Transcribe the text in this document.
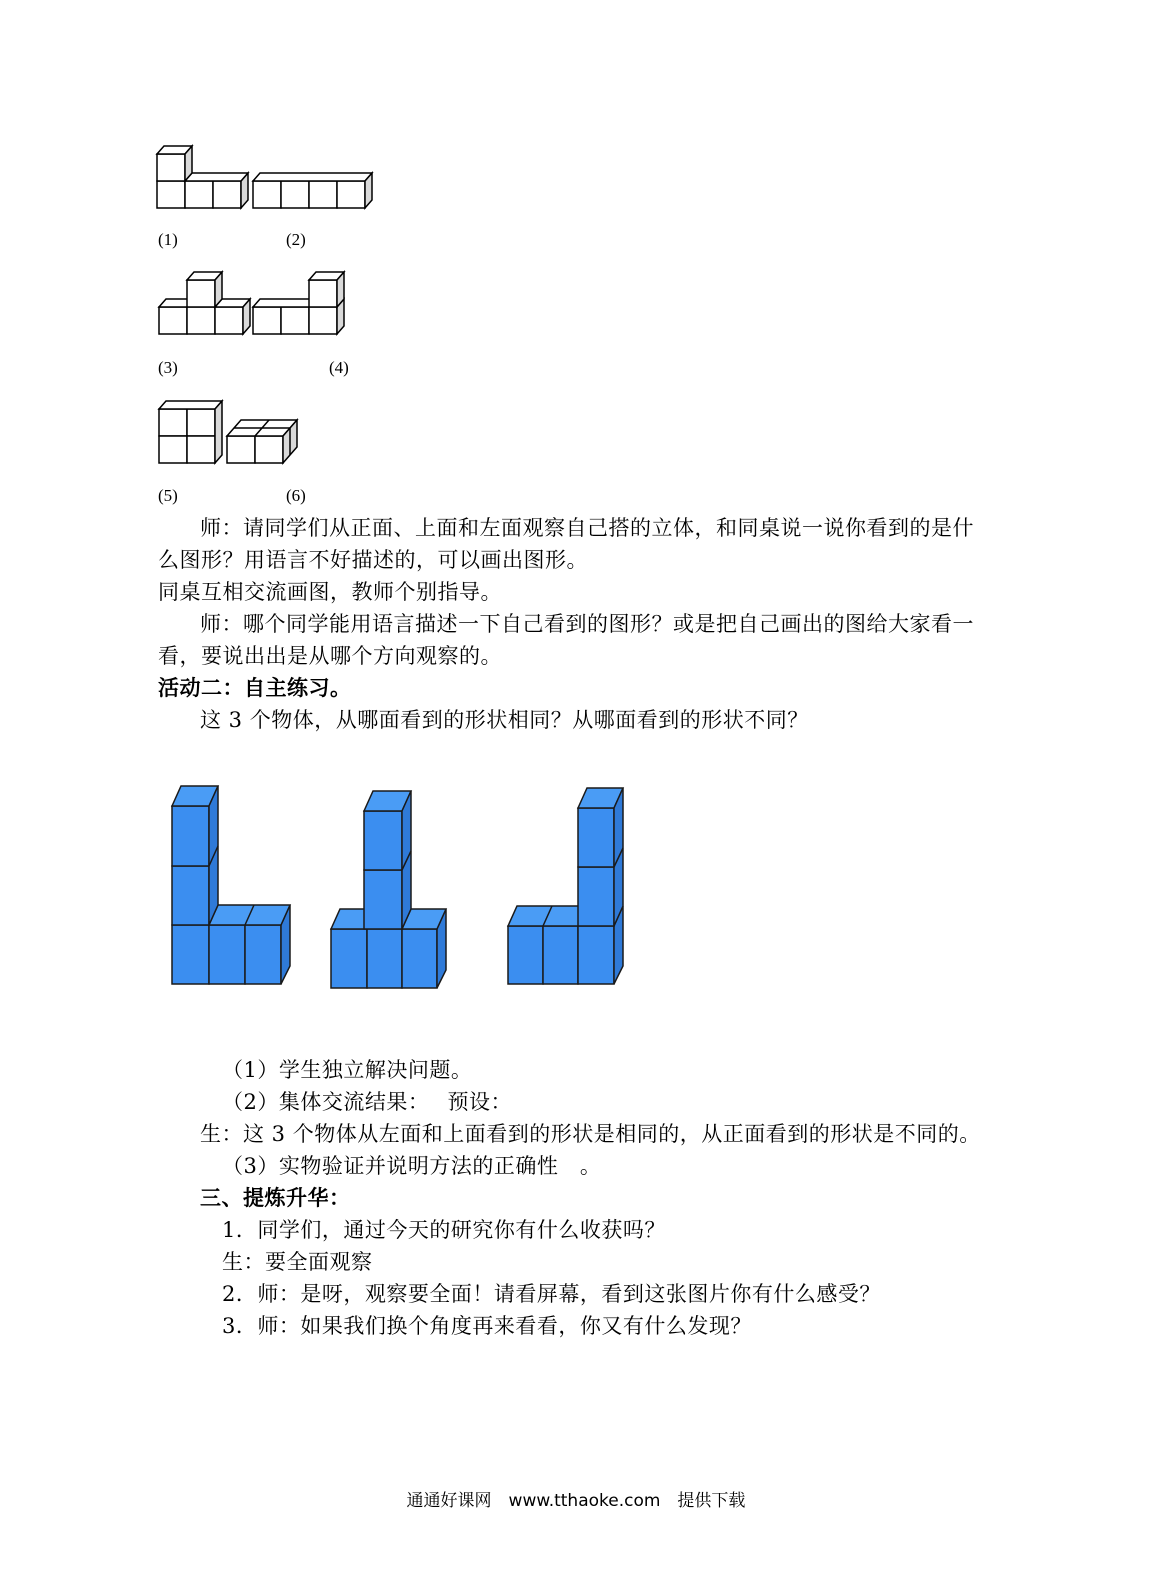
(1)	(2)
(3)	(4)
(5)	(6)
师：请同学们从正面、上面和左面观察自己搭的立体，和同桌说一说你看到的是什
么图形？用语言不好描述的，可以画出图形。
同桌互相交流画图，教师个别指导。
师：哪个同学能用语言描述一下自己看到的图形？或是把自己画出的图给大家看一
看，要说出出是从哪个方向观察的。
活动二：自主练习。
这 3 个物体，从哪面看到的形状相同？从哪面看到的形状不同？
（1）学生独立解决问题。
（2）集体交流结果：　 预设：
生：这 3 个物体从左面和上面看到的形状是相同的，从正面看到的形状是不同的。
（3）实物验证并说明方法的正确性　。
三、提炼升华：
1．同学们，通过今天的研究你有什么收获吗？
生：要全面观察
2．师：是呀，观察要全面！请看屏幕，看到这张图片你有什么感受？
3．师：如果我们换个角度再来看看，你又有什么发现？
通通好课网　www.tthaoke.com　提供下载
